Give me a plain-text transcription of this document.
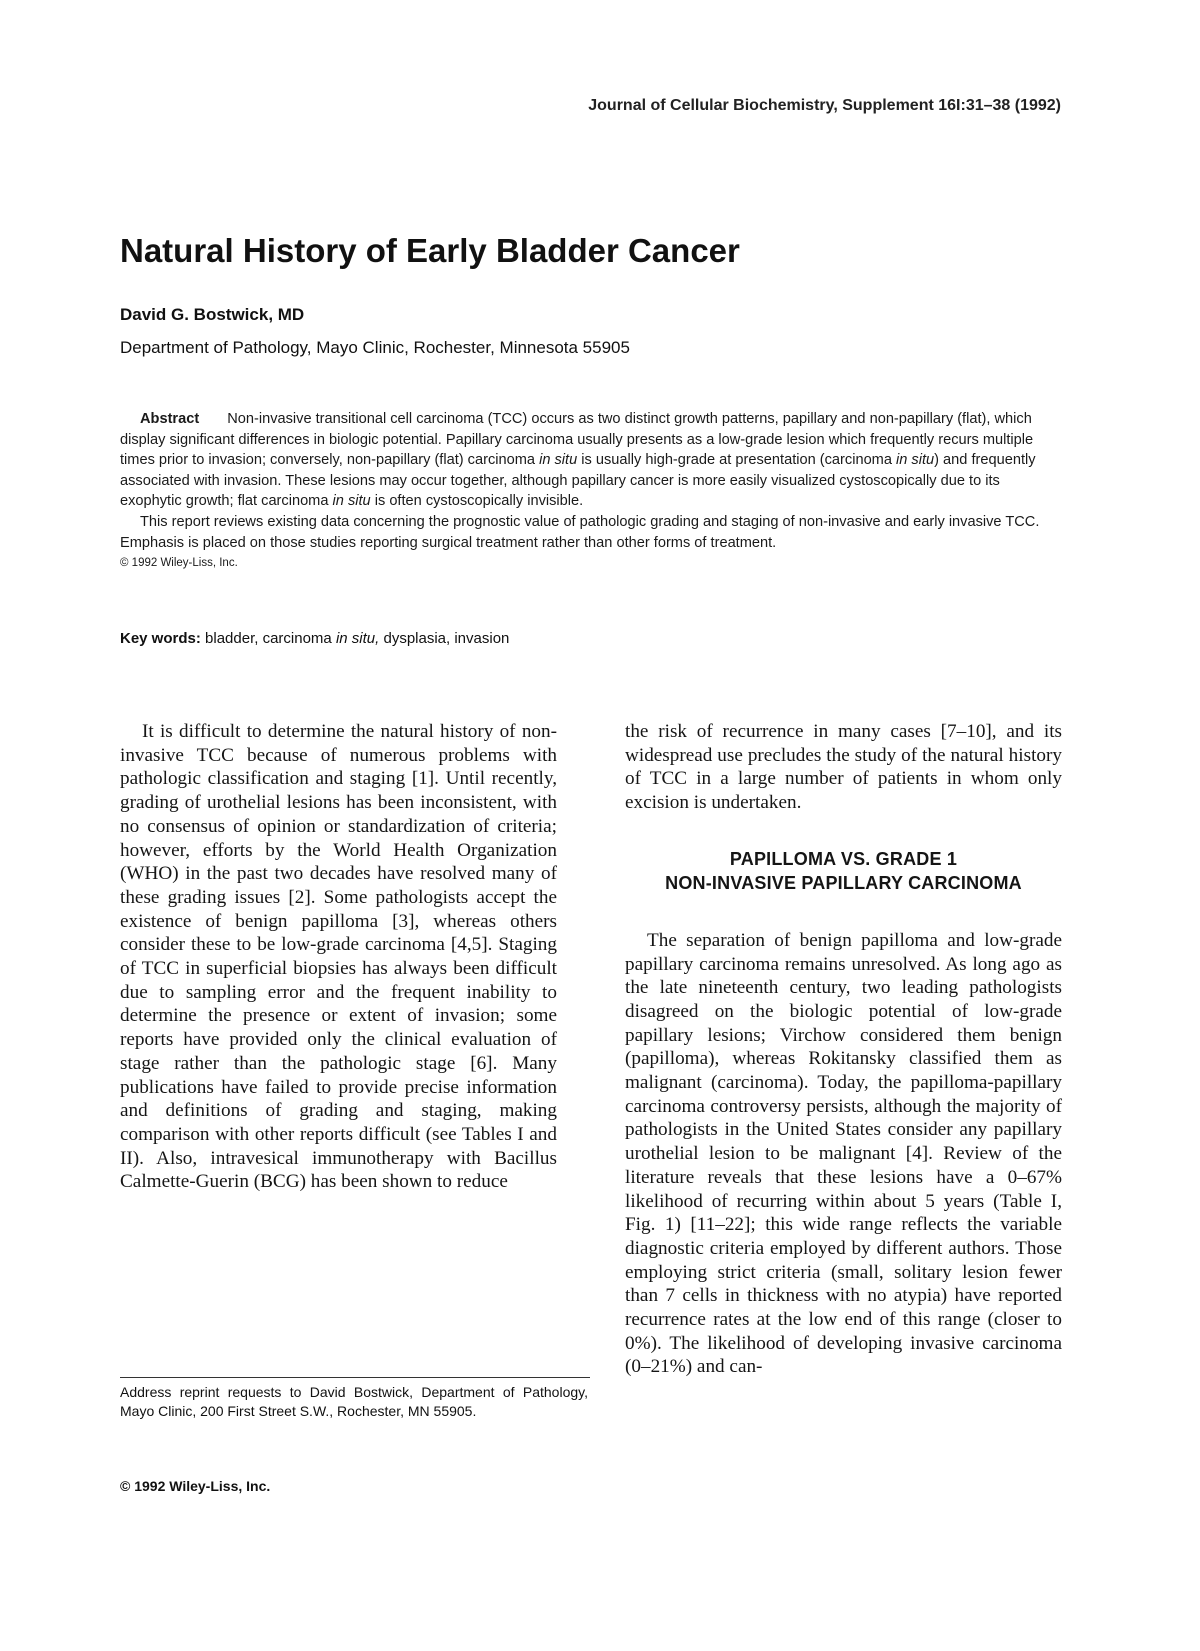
Journal of Cellular Biochemistry, Supplement 16I:31–38 (1992)
Natural History of Early Bladder Cancer
David G. Bostwick, MD
Department of Pathology, Mayo Clinic, Rochester, Minnesota 55905

Abstract Non-invasive transitional cell carcinoma (TCC) occurs as two distinct growth patterns, papillary and non-papillary (flat), which display significant differences in biologic potential. Papillary carcinoma usually presents as a low-grade lesion which frequently recurs multiple times prior to invasion; conversely, non-papillary (flat) carcinoma in situ is usually high-grade at presentation (carcinoma in situ) and frequently associated with invasion. These lesions may occur together, although papillary cancer is more easily visualized cystoscopically due to its exophytic growth; flat carcinoma in situ is often cystoscopically invisible.

This report reviews existing data concerning the prognostic value of pathologic grading and staging of non-invasive and early invasive TCC. Emphasis is placed on those studies reporting surgical treatment rather than other forms of treatment.

© 1992 Wiley-Liss, Inc.
Key words: bladder, carcinoma in situ, dysplasia, invasion

It is difficult to determine the natural history of non-invasive TCC because of numerous problems with pathologic classification and staging [1]. Until recently, grading of urothelial lesions has been inconsistent, with no consensus of opinion or standardization of criteria; however, efforts by the World Health Organization (WHO) in the past two decades have resolved many of these grading issues [2]. Some pathologists accept the existence of benign papilloma [3], whereas others consider these to be low-grade carcinoma [4,5]. Staging of TCC in superficial biopsies has always been difficult due to sampling error and the frequent inability to determine the presence or extent of invasion; some reports have provided only the clinical evaluation of stage rather than the pathologic stage [6]. Many publications have failed to provide precise information and definitions of grading and staging, making comparison with other reports difficult (see Tables I and II). Also, intravesical immunotherapy with Bacillus Calmette-Guerin (BCG) has been shown to reduce

the risk of recurrence in many cases [7–10], and its widespread use precludes the study of the natural history of TCC in a large number of patients in whom only excision is undertaken.

PAPILLOMA VS. GRADE 1
NON-INVASIVE PAPILLARY CARCINOMA

The separation of benign papilloma and low-grade papillary carcinoma remains unresolved. As long ago as the late nineteenth century, two leading pathologists disagreed on the biologic potential of low-grade papillary lesions; Virchow considered them benign (papilloma), whereas Rokitansky classified them as malignant (carcinoma). Today, the papilloma-papillary carcinoma controversy persists, although the majority of pathologists in the United States consider any papillary urothelial lesion to be malignant [4]. Review of the literature reveals that these lesions have a 0–67% likelihood of recurring within about 5 years (Table I, Fig. 1) [11–22]; this wide range reflects the variable diagnostic criteria employed by different authors. Those employing strict criteria (small, solitary lesion fewer than 7 cells in thickness with no atypia) have reported recurrence rates at the low end of this range (closer to 0%). The likelihood of developing invasive carcinoma (0–21%) and can-

Address reprint requests to David Bostwick, Department of Pathology, Mayo Clinic, 200 First Street S.W., Rochester, MN 55905.
© 1992 Wiley-Liss, Inc.
